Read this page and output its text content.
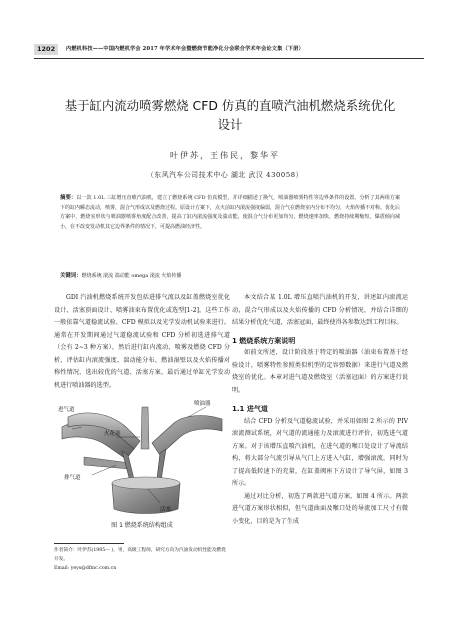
1202	内燃机科技——中国内燃机学会 2017 年学术年会暨燃烧节能净化分会联合学术年会论文集（下册）
基于缸内流动喷雾燃烧 CFD 仿真的直喷汽油机燃烧系统优化
设计
叶伊苏，王伟民，黎华平
（东风汽车公司技术中心 湖北 武汉 430058）
摘要：以一款 1.0L 三缸增压直喷汽油机，建立了燃烧系统 CFD 仿真模型，并详细描述了换气，喷油器喷雾特性等边界条件的设置。分析了其两组方案下的缸内瞬态流动，喷雾，混合气形成以及燃烧过程。原设计方案下，点火前缸内滚流强度偏弱，混合气在燃烧室内分布不均匀，火焰传播不对称。优化后方案中，燃烧室形状与喷油器喷雾角度配合改善，提高了缸内滚流强度及湍动能，使混合气分布更加均匀，燃烧速率加快，燃烧持续期缩短，爆震倾向减小，在不改变发动机其它边界条件的情况下，可提高燃油经济性。
关键词：燃烧系统 滚流 湍动能 omega 滚流 火焰传播

GDI 汽油机燃烧系统开发包括进排气流以及缸盖燃烧室优化设计、活塞顶面设计、喷雾油束布置优化或选型[1-2]，这些工作一般依靠气道稳流试验、CFD 模拟以及光学发动机试验来进行。通常在开发期间通过气道稳流试验和 CFD 分析初选进排气道（会有 2~3 种方案），然后进行缸内流动、喷雾及燃烧 CFD 分析，评估缸内滚流强度、湍动能分布、燃油湿壁以及火焰传播对称性情况，选出较优的气道、活塞方案，最后通过单缸光学发动机进行喷油器的选型。

进气道
喷油器
火花塞
排气道
活塞
图 1 燃烧系统结构组成
作者简介：叶伊苏(1985— )，男，高级工程师，研究方向为汽油发动机性能及燃烧开发。
Email: yeys@dfmc.com.cn

本文结合某 1.0L 增压直喷汽油机的开发，讲述缸内滚流运动，混合气形成以及火焰传播的 CFD 分析情况，并结合详细的结果分析优化气道，活塞冠面，最终使得各参数达到工程目标。

1 燃烧系统方案说明

如前文所述，设计阶段基于特定的喷油器（油束布置基于经验设计，喷雾特性参照类似机型的定容弹数据）来进行气道及燃烧室的优化。本章对进气道及燃烧室（活塞冠面）的方案进行说明。

1.1 进气道

结合 CFD 分析及气道稳流试验，并采用如图 2 所示的 PIV 滚流测试系统，对气道的流通能力及滚流进行评价，初选进气道方案。对于该增压直喷汽油机，在进气道的喉口处设计了导流结构，将大部分气流引导从气门上方进入气缸，增强滚流，同时为了提高低转速下的充量，在缸盖阀座下方设计了导气屏，如图 3 所示。

通过对比分析，初选了两款进气道方案，如图 4 所示。两款进气道方案形状相似，但气道曲面及喉口处的导流加工尺寸有微小变化，目的是为了生成
